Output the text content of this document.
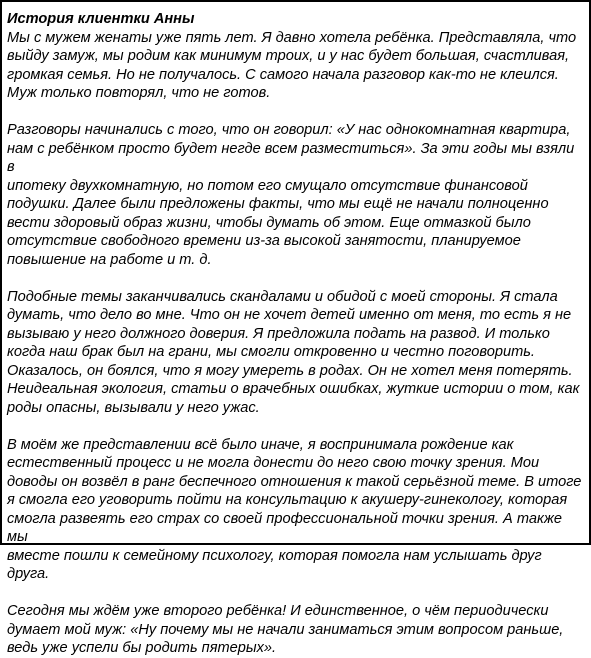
История клиентки Анны
Мы с мужем женаты уже пять лет. Я давно хотела ребёнка. Представляла, что
выйду замуж, мы родим как минимум троих, и у нас будет большая, счастливая,
громкая семья. Но не получалось. С самого начала разговор как-то не клеился.
Муж только повторял, что не готов.
Разговоры начинались с того, что он говорил: «У нас однокомнатная квартира,
нам с ребёнком просто будет негде всем разместиться». За эти годы мы взяли в
ипотеку двухкомнатную, но потом его смущало отсутствие финансовой
подушки. Далее были предложены факты, что мы ещё не начали полноценно
вести здоровый образ жизни, чтобы думать об этом. Еще отмазкой было
отсутствие свободного времени из-за высокой занятости, планируемое
повышение на работе и т. д.
Подобные темы заканчивались скандалами и обидой с моей стороны. Я стала
думать, что дело во мне. Что он не хочет детей именно от меня, то есть я не
вызываю у него должного доверия. Я предложила подать на развод. И только
когда наш брак был на грани, мы смогли откровенно и честно поговорить.
Оказалось, он боялся, что я могу умереть в родах. Он не хотел меня потерять.
Неидеальная экология, статьи о врачебных ошибках, жуткие истории о том, как
роды опасны, вызывали у него ужас.
В моём же представлении всё было иначе, я воспринимала рождение как
естественный процесс и не могла донести до него свою точку зрения. Мои
доводы он возвёл в ранг беспечного отношения к такой серьёзной теме. В итоге
я смогла его уговорить пойти на консультацию к акушеру-гинекологу, которая
смогла развеять его страх со своей профессиональной точки зрения. А также мы
вместе пошли к семейному психологу, которая помогла нам услышать друг друга.
Сегодня мы ждём уже второго ребёнка! И единственное, о чём периодически
думает мой муж: «Ну почему мы не начали заниматься этим вопросом раньше,
ведь уже успели бы родить пятерых».
